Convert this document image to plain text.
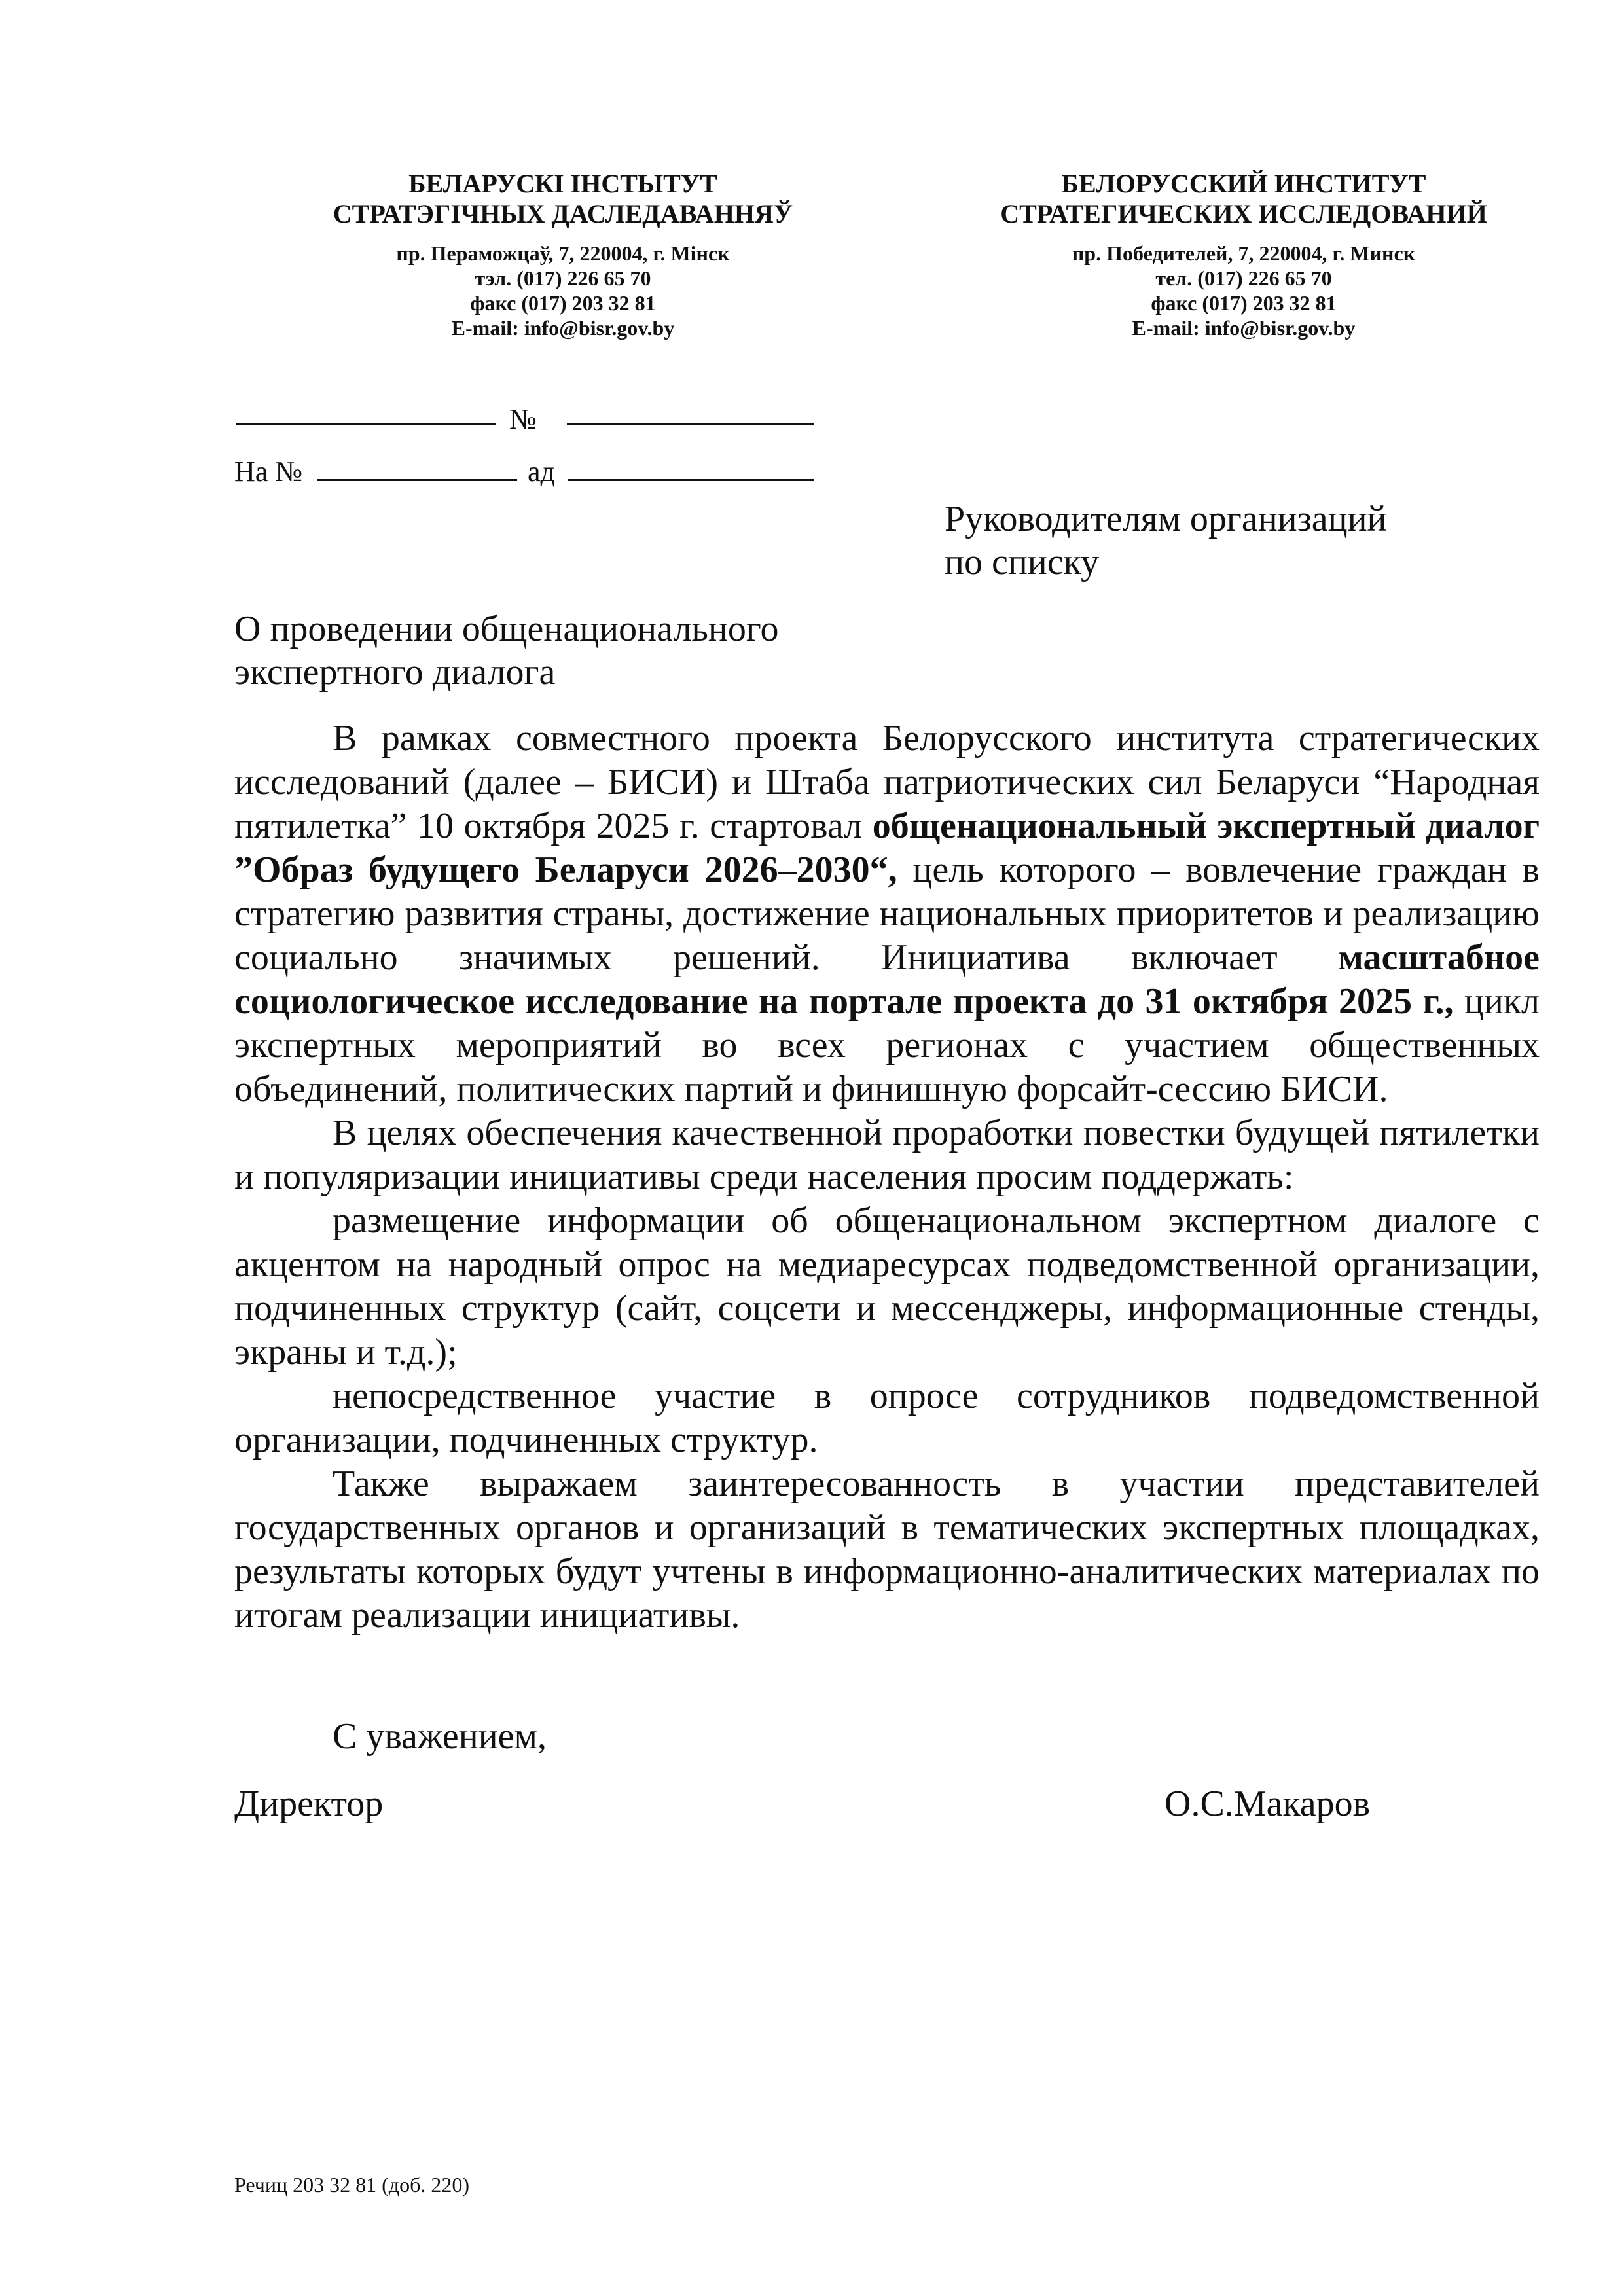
БЕЛАРУСКІ ІНСТЫТУТ
СТРАТЭГІЧНЫХ ДАСЛЕДАВАННЯЎ
пр. Пераможцаў, 7, 220004, г. Мінск
тэл. (017) 226 65 70
факс (017) 203 32 81
E-mail: info@bisr.gov.by
БЕЛОРУССКИЙ ИНСТИТУТ
СТРАТЕГИЧЕСКИХ ИССЛЕДОВАНИЙ
пр. Победителей, 7, 220004, г. Минск
тел. (017) 226 65 70
факс (017) 203 32 81
E-mail: info@bisr.gov.by
№
На №	ад
Руководителям организаций
по списку
О проведении общенационального
экспертного диалога

В рамках совместного проекта Белорусского института стратегических исследований (далее – БИСИ) и Штаба патриотических сил Беларуси “Народная пятилетка” 10 октября 2025 г. стартовал общенациональный экспертный диалог ”Образ будущего Беларуси 2026–2030“, цель которого – вовлечение граждан в стратегию развития страны, достижение национальных приоритетов и реализацию социально значимых решений. Инициатива включает масштабное социологическое исследование на портале проекта до 31 октября 2025 г., цикл экспертных мероприятий во всех регионах с участием общественных объединений, политических партий и финишную форсайт-сессию БИСИ.

В целях обеспечения качественной проработки повестки будущей пятилетки и популяризации инициативы среди населения просим поддержать:

размещение информации об общенациональном экспертном диалоге с акцентом на народный опрос на медиаресурсах подведомственной организации, подчиненных структур (сайт, соцсети и мессенджеры, информационные стенды, экраны и т.д.);

непосредственное участие в опросе сотрудников подведомственной организации, подчиненных структур.

Также выражаем заинтересованность в участии представителей государственных органов и организаций в тематических экспертных площадках, результаты которых будут учтены в информационно-аналитических материалах по итогам реализации инициативы.

С уважением,
Директор	О.С.Макаров
Речиц 203 32 81 (доб. 220)
